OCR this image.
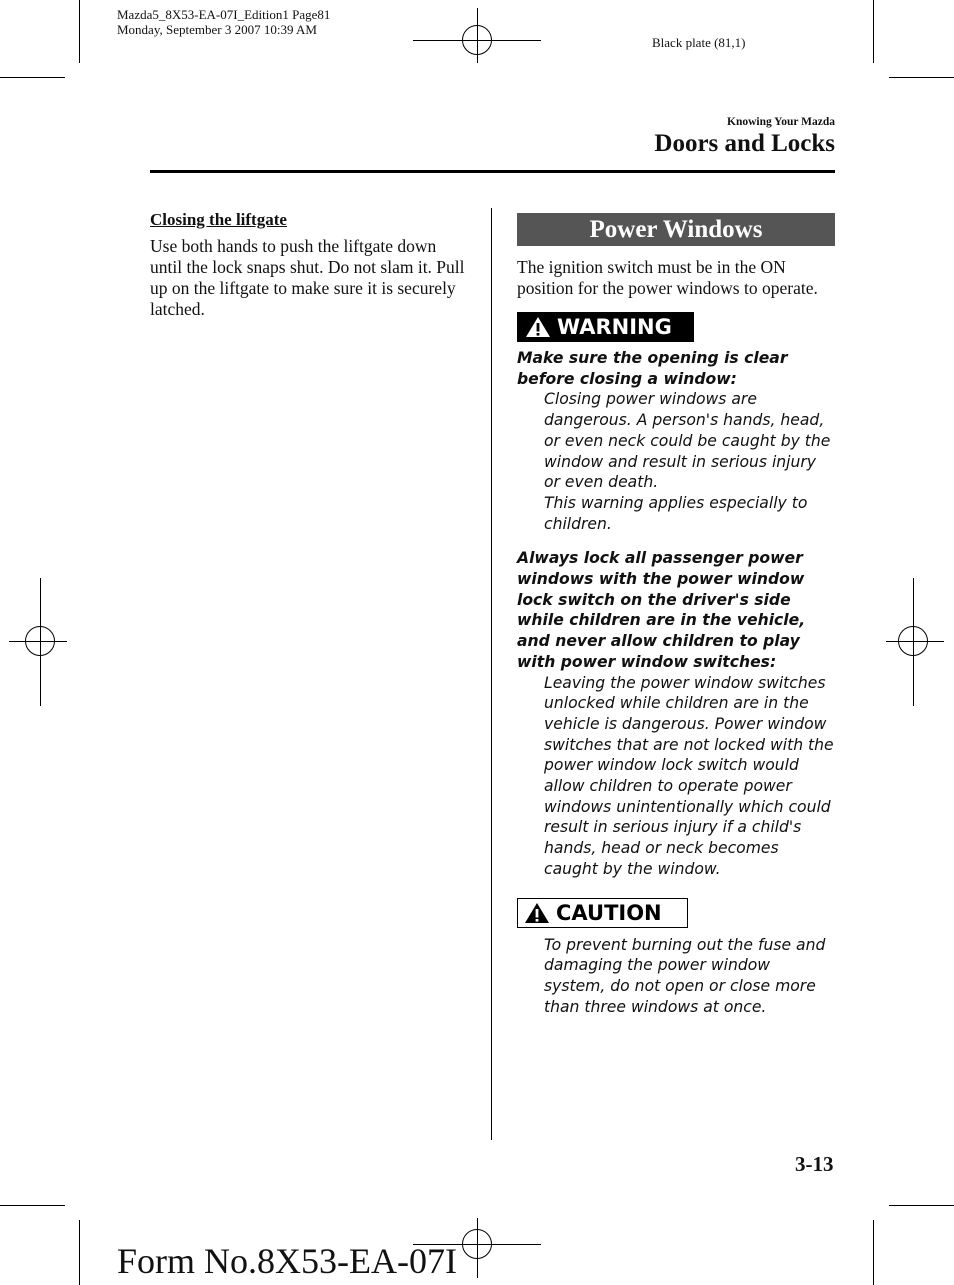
Mazda5_8X53-EA-07I_Edition1 Page81
Monday, September 3 2007 10:39 AM
Black plate (81,1)
Knowing Your Mazda
Doors and Locks

Closing the liftgate

Use both hands to push the liftgate down until the lock snaps shut. Do not slam it. Pull up on the liftgate to make sure it is securely latched.

Power Windows

The ignition switch must be in the ON position for the power windows to operate.

WARNING

Make sure the opening is clear before closing a window:

Closing power windows are dangerous. A person's hands, head, or even neck could be caught by the window and result in serious injury or even death.

This warning applies especially to children.

Always lock all passenger power windows with the power window lock switch on the driver's side while children are in the vehicle, and never allow children to play with power window switches:

Leaving the power window switches unlocked while children are in the vehicle is dangerous. Power window switches that are not locked with the power window lock switch would allow children to operate power windows unintentionally which could result in serious injury if a child's hands, head or neck becomes caught by the window.

CAUTION

To prevent burning out the fuse and damaging the power window system, do not open or close more than three windows at once.

3-13
Form No.8X53-EA-07I
